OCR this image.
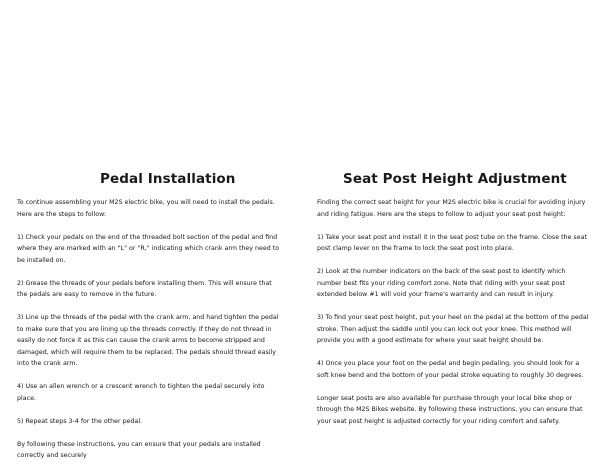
Pedal Installation

To continue assembling your M2S electric bike, you will need to install the pedals. Here are the steps to follow:

1) Check your pedals on the end of the threaded bolt section of the pedal and find where they are marked with an "L" or "R," indicating which crank arm they need to be installed on.

2) Grease the threads of your pedals before installing them. This will ensure that the pedals are easy to remove in the future.

3) Line up the threads of the pedal with the crank arm, and hand tighten the pedal to make sure that you are lining up the threads correctly. If they do not thread in easily do not force it as this can cause the crank arms to become stripped and damaged, which will require them to be replaced. The pedals should thread easily into the crank arm.

4) Use an allen wrench or a crescent wrench to tighten the pedal securely into place.

5) Repeat steps 3-4 for the other pedal.

By following these instructions, you can ensure that your pedals are installed correctly and securely

Seat Post Height Adjustment

Finding the correct seat height for your M2S electric bike is crucial for avoiding injury and riding fatigue. Here are the steps to follow to adjust your seat post height:

1) Take your seat post and install it in the seat post tube on the frame. Close the seat post clamp lever on the frame to lock the seat post into place.

2) Look at the number indicators on the back of the seat post to identify which number best fits your riding comfort zone. Note that riding with your seat post extended below #1 will void your frame's warranty and can result in injury.

3) To find your seat post height, put your heel on the pedal at the bottom of the pedal stroke. Then adjust the saddle until you can lock out your knee. This method will provide you with a good estimate for where your seat height should be.

4) Once you place your foot on the pedal and begin pedaling, you should look for a soft knee bend and the bottom of your pedal stroke equating to roughly 30 degrees.

Longer seat posts are also available for purchase through your local bike shop or through the M2S Bikes website. By following these instructions, you can ensure that your seat post height is adjusted correctly for your riding comfort and safety.
